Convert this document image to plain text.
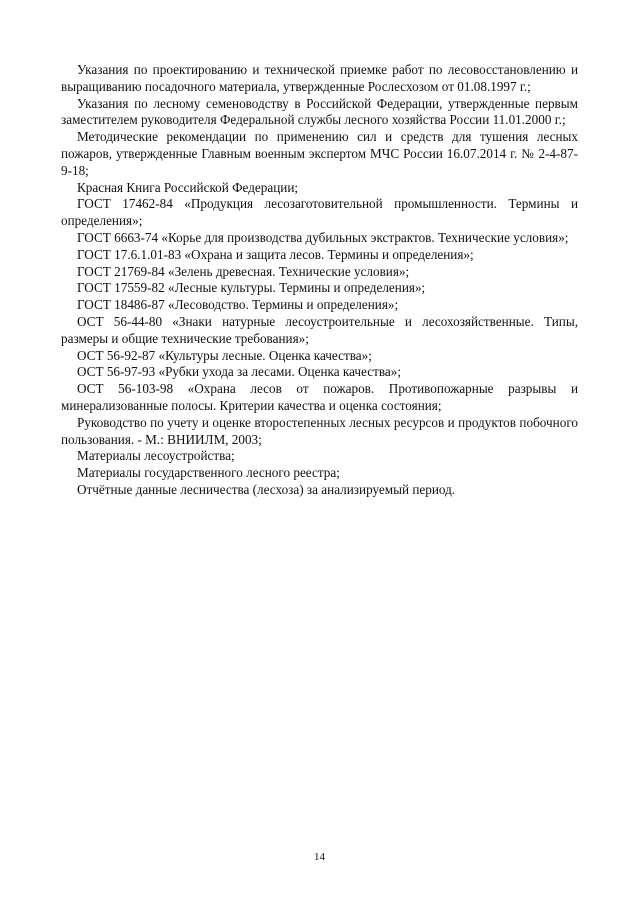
Указания по проектированию и технической приемке работ по лесовосстановлению и выращиванию посадочного материала, утвержденные Рослесхозом от 01.08.1997 г.;

Указания по лесному семеноводству в Российской Федерации, утвержденные первым заместителем руководителя Федеральной службы лесного хозяйства России 11.01.2000 г.;

Методические рекомендации по применению сил и средств для тушения лесных пожаров, утвержденные Главным военным экспертом МЧС России 16.07.2014 г. № 2-4-87-9-18;

Красная Книга Российской Федерации;

ГОСТ 17462-84 «Продукция лесозаготовительной промышленности. Термины и определения»;

ГОСТ 6663-74 «Корье для производства дубильных экстрактов. Технические условия»;

ГОСТ 17.6.1.01-83 «Охрана и защита лесов. Термины и определения»;

ГОСТ 21769-84 «Зелень древесная. Технические условия»;

ГОСТ 17559-82 «Лесные культуры. Термины и определения»;

ГОСТ 18486-87 «Лесоводство. Термины и определения»;

ОСТ 56-44-80 «Знаки натурные лесоустроительные и лесохозяйственные. Типы, размеры и общие технические требования»;

ОСТ 56-92-87 «Культуры лесные. Оценка качества»;

ОСТ 56-97-93 «Рубки ухода за лесами. Оценка качества»;

ОСТ 56-103-98 «Охрана лесов от пожаров. Противопожарные разрывы и минерализованные полосы. Критерии качества и оценка состояния;

Руководство по учету и оценке второстепенных лесных ресурсов и продуктов побочного пользования. - М.: ВНИИЛМ, 2003;

Материалы лесоустройства;

Материалы государственного лесного реестра;

Отчётные данные лесничества (лесхоза) за анализируемый период.

14
